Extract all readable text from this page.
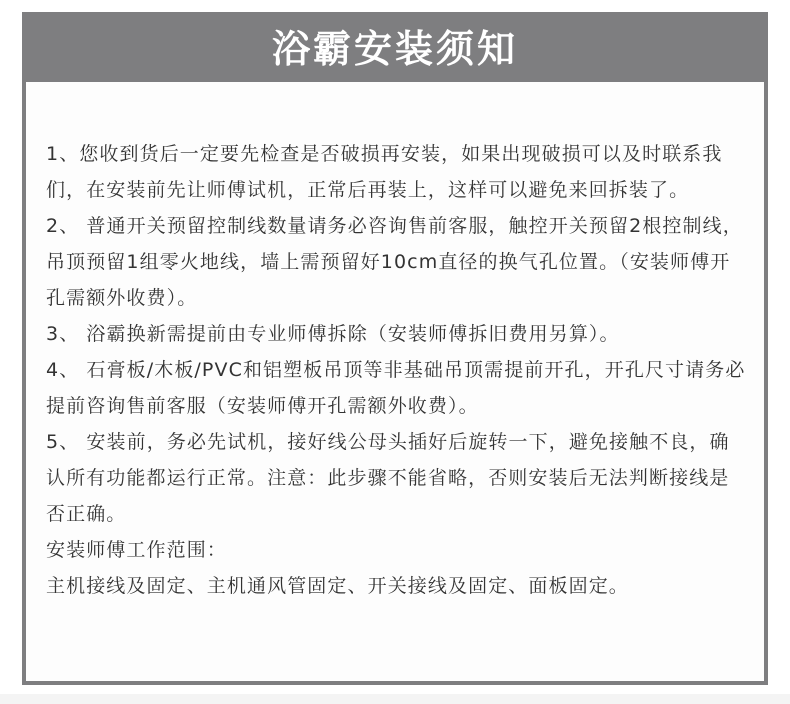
浴霸安装须知

1、您收到货后一定要先检查是否破损再安装，如果出现破损可以及时联系我们，在安装前先让师傅试机，正常后再装上，这样可以避免来回拆装了。

2、 普通开关预留控制线数量请务必咨询售前客服，触控开关预留2根控制线，吊顶预留1组零火地线，墙上需预留好10cm直径的换气孔位置。（安装师傅开孔需额外收费）。

3、 浴霸换新需提前由专业师傅拆除（安装师傅拆旧费用另算）。

4、 石膏板/木板/PVC和铝塑板吊顶等非基础吊顶需提前开孔，开孔尺寸请务必提前咨询售前客服（安装师傅开孔需额外收费）。

5、 安装前，务必先试机，接好线公母头插好后旋转一下，避免接触不良，确认所有功能都运行正常。注意：此步骤不能省略，否则安装后无法判断接线是否正确。

安装师傅工作范围：

主机接线及固定、主机通风管固定、开关接线及固定、面板固定。
